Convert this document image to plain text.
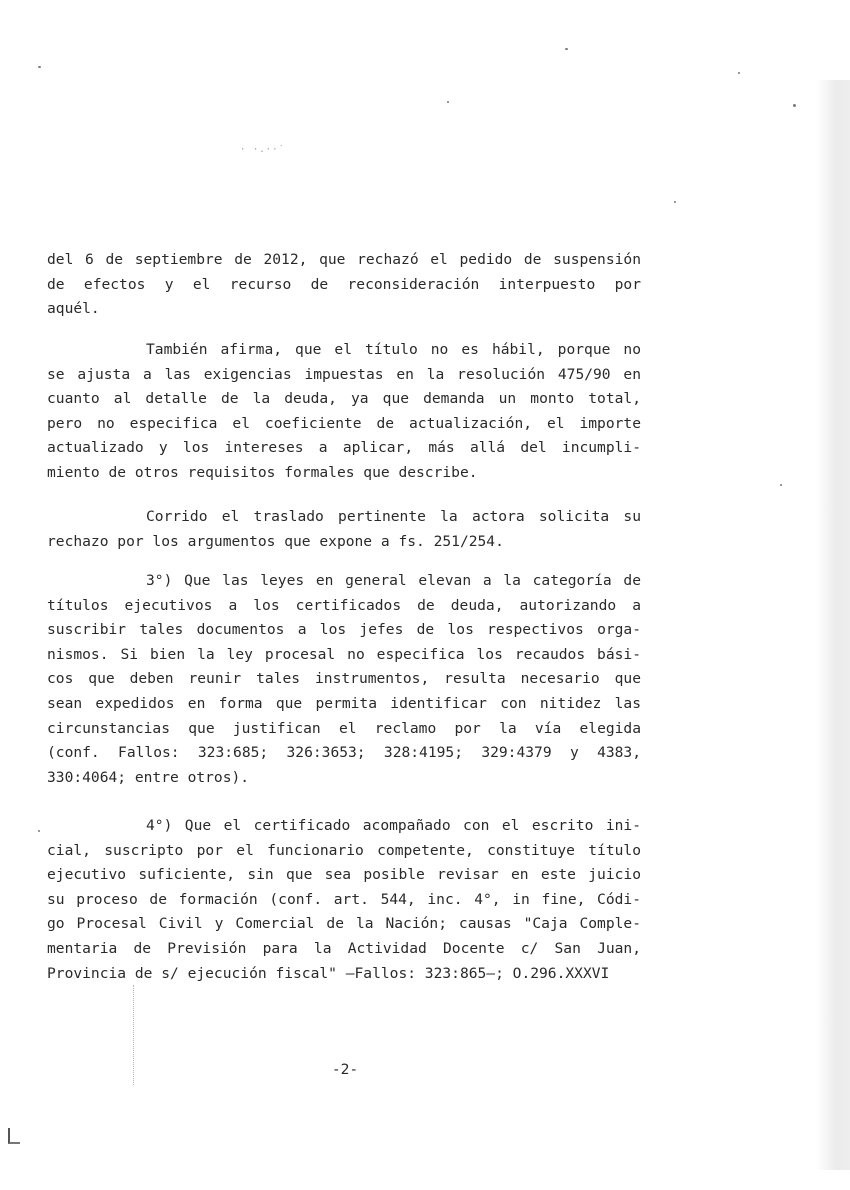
· ·.··˙
del 6 de septiembre de 2012, que rechazó el pedido de suspensión
de efectos y el recurso de reconsideración interpuesto por
aquél.
También afirma, que el título no es hábil, porque no
se ajusta a las exigencias impuestas en la resolución 475/90 en
cuanto al detalle de la deuda, ya que demanda un monto total,
pero no especifica el coeficiente de actualización, el importe
actualizado y los intereses a aplicar, más allá del incumpli-
miento de otros requisitos formales que describe.
Corrido el traslado pertinente la actora solicita su
rechazo por los argumentos que expone a fs. 251/254.
3°) Que las leyes en general elevan a la categoría de
títulos ejecutivos a los certificados de deuda, autorizando a
suscribir tales documentos a los jefes de los respectivos orga-
nismos. Si bien la ley procesal no especifica los recaudos bási-
cos que deben reunir tales instrumentos, resulta necesario que
sean expedidos en forma que permita identificar con nitidez las
circunstancias que justifican el reclamo por la vía elegida
(conf. Fallos: 323:685; 326:3653; 328:4195; 329:4379 y 4383,
330:4064; entre otros).
4°) Que el certificado acompañado con el escrito ini-
cial, suscripto por el funcionario competente, constituye título
ejecutivo suficiente, sin que sea posible revisar en este juicio
su proceso de formación (conf. art. 544, inc. 4°, in fine, Códi-
go Procesal Civil y Comercial de la Nación; causas "Caja Comple-
mentaria de Previsión para la Actividad Docente c/ San Juan,
Provincia de s/ ejecución fiscal" —Fallos: 323:865—; O.296.XXXVI
-2-
